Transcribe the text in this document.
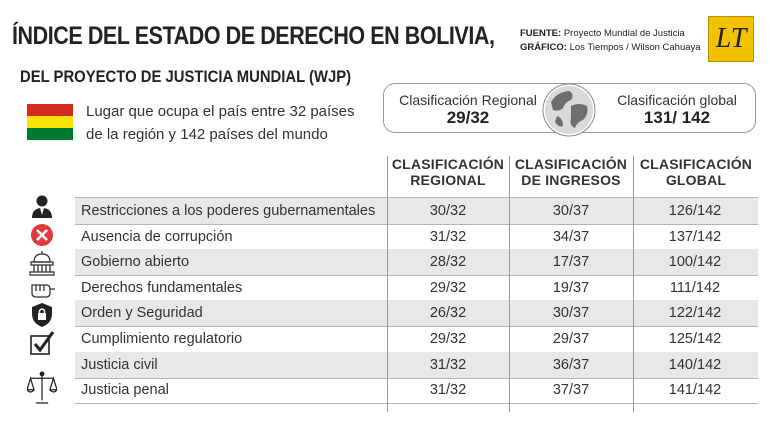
ÍNDICE DEL ESTADO DE DERECHO EN BOLIVIA,	FUENTE: Proyecto Mundial de Justicia
GRÁFICO: Los Tiempos / Wilson Cahuaya LT
DEL PROYECTO DE JUSTICIA MUNDIAL (WJP)
Lugar que ocupa el país entre 32 países
de la región y 142 países del mundo
Clasificación Regional
29/32
Clasificación global
131/ 142
CLASIFICACIÓN
REGIONAL
CLASIFICACIÓN
DE INGRESOS
CLASIFICACIÓN
GLOBAL
Restricciones a los poderes gubernamentales	30/32	30/37	126/142
Ausencia de corrupción	31/32	34/37	137/142
Gobierno abierto	28/32	17/37	100/142
Derechos fundamentales	29/32	19/37	111/142
Orden y Seguridad	26/32	30/37	122/142
Cumplimiento regulatorio	29/32	29/37	125/142
Justicia civil	31/32	36/37	140/142
Justicia penal	31/32	37/37	141/142
